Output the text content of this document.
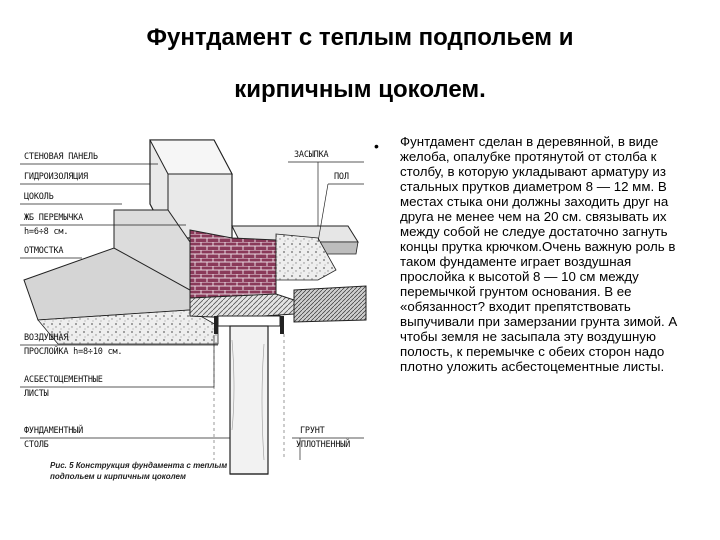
Фунтдамент с теплым подпольем и
кирпичным цоколем.
СТЕНОВАЯ ПАНЕЛЬ
ГИДРОИЗОЛЯЦИЯ
ЦОКОЛЬ
ЖБ ПЕРЕМЫЧКА
h=6÷8 см.
ОТМОСТКА
ВОЗДУШНАЯ
ПРОСЛОЙКА h=8÷10 см.
АСБЕСТОЦЕМЕНТНЫЕ
ЛИСТЫ
ФУНДАМЕНТНЫЙ
СТОЛБ
ЗАСЫПКА
ПОЛ
ГРУНТ
УПЛОТНЕННЫЙ
Рис. 5 Конструкция фундамента с теплым
подпольем и кирпичным цоколем
• Фунтдамент сделан в деревянной, в виде желоба, опалубке протянутой от столба к столбу, в которую укладывают арматуру из стальных прутков диаметром 8 — 12 мм. В местах стыка они должны заходить друг на друга не менее чем на 20 см. связывать их между собой не следуе достаточно загнуть концы прутка крючком.Очень важную роль в таком фундаменте играет воздушная прослойка к высотой 8 — 10 см между перемычкой грунтом основания. В ее «обязанност? входит препятствовать выпучивали при замерзании грунта зимой. А чтобы земля не засыпала эту воздушную полость, к перемычке с обеих сторон надо плотно уложить асбестоцементные листы.
